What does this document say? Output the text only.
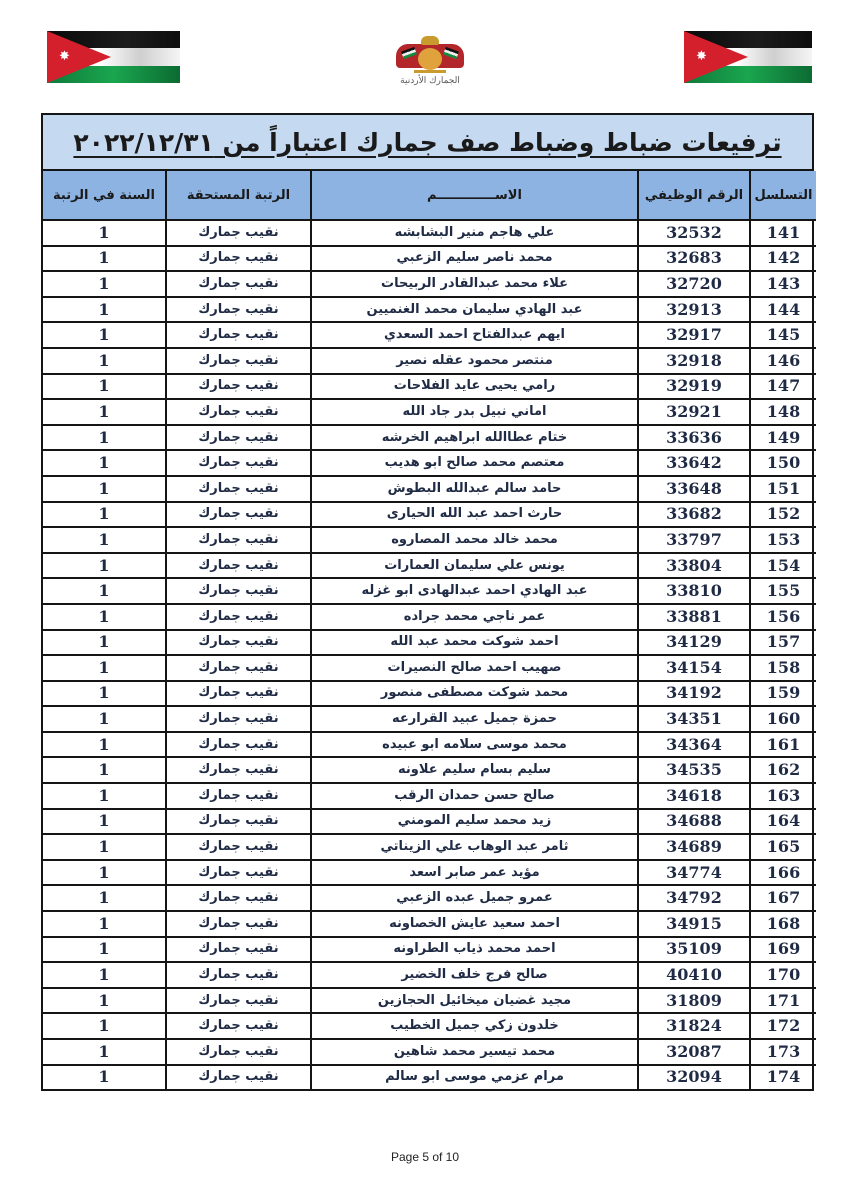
✸
الجمارك الأردنية
✸
ترفيعات ضباط وضباط صف جمارك اعتباراً من ٢٠٢٢/١٢/٣١
التسلسل	الرقم الوظيفي	الاســـــــــــــم	الرتبة المستحقة	السنة في الرتبة
141	32532	علي هاجم منير البشابشه	نقيب جمارك	1
142	32683	محمد ناصر سليم الزعبي	نقيب جمارك	1
143	32720	علاء محمد عبدالقادر الربيحات	نقيب جمارك	1
144	32913	عبد الهادي سليمان محمد الغنميين	نقيب جمارك	1
145	32917	ايهم عبدالفتاح احمد السعدي	نقيب جمارك	1
146	32918	منتصر محمود عقله نصير	نقيب جمارك	1
147	32919	رامي يحيى عايد الفلاحات	نقيب جمارك	1
148	32921	اماني نبيل بدر جاد الله	نقيب جمارك	1
149	33636	ختام عطاالله ابراهيم الخرشه	نقيب جمارك	1
150	33642	معتصم محمد صالح ابو هديب	نقيب جمارك	1
151	33648	حامد سالم عبدالله البطوش	نقيب جمارك	1
152	33682	حارث احمد عبد الله الحيارى	نقيب جمارك	1
153	33797	محمد خالد محمد المصاروه	نقيب جمارك	1
154	33804	يونس علي سليمان العمارات	نقيب جمارك	1
155	33810	عبد الهادي احمد عبدالهادى ابو غزله	نقيب جمارك	1
156	33881	عمر ناجي محمد جراده	نقيب جمارك	1
157	34129	احمد شوكت محمد عبد الله	نقيب جمارك	1
158	34154	صهيب احمد صالح النصيرات	نقيب جمارك	1
159	34192	محمد شوكت مصطفى منصور	نقيب جمارك	1
160	34351	حمزة جميل عبيد القرارعه	نقيب جمارك	1
161	34364	محمد موسى سلامه ابو عبيده	نقيب جمارك	1
162	34535	سليم بسام سليم علاونه	نقيب جمارك	1
163	34618	صالح حسن حمدان الرقب	نقيب جمارك	1
164	34688	زيد محمد سليم المومني	نقيب جمارك	1
165	34689	ثامر عبد الوهاب علي الزيناتي	نقيب جمارك	1
166	34774	مؤيد عمر صابر اسعد	نقيب جمارك	1
167	34792	عمرو جميل عبده الزعبي	نقيب جمارك	1
168	34915	احمد سعيد عايش الخصاونه	نقيب جمارك	1
169	35109	احمد محمد ذياب الطراونه	نقيب جمارك	1
170	40410	صالح فرج خلف الخضير	نقيب جمارك	1
171	31809	مجيد غضيان ميخائيل الحجازين	نقيب جمارك	1
172	31824	خلدون زكي جميل الخطيب	نقيب جمارك	1
173	32087	محمد تيسير محمد شاهين	نقيب جمارك	1
174	32094	مرام عزمي موسى ابو سالم	نقيب جمارك	1
Page 5 of 10
